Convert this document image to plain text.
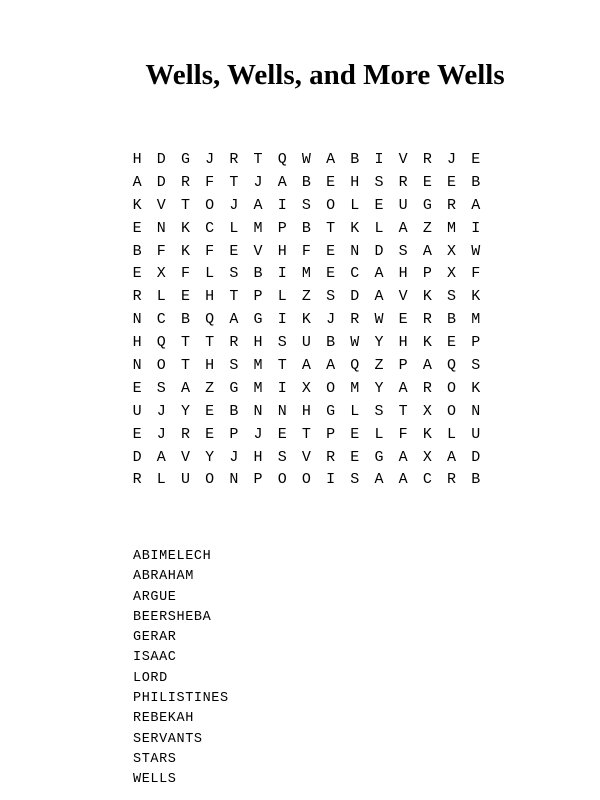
Wells, Wells, and More Wells
H	D	G	J	R	T	Q	W	A	B	I	V	R	J	E
A	D	R	F	T	J	A	B	E	H	S	R	E	E	B
K	V	T	O	J	A	I	S	O	L	E	U	G	R	A
E	N	K	C	L	M	P	B	T	K	L	A	Z	M	I
B	F	K	F	E	V	H	F	E	N	D	S	A	X	W
E	X	F	L	S	B	I	M	E	C	A	H	P	X	F
R	L	E	H	T	P	L	Z	S	D	A	V	K	S	K
N	C	B	Q	A	G	I	K	J	R	W	E	R	B	M
H	Q	T	T	R	H	S	U	B	W	Y	H	K	E	P
N	O	T	H	S	M	T	A	A	Q	Z	P	A	Q	S
E	S	A	Z	G	M	I	X	O	M	Y	A	R	O	K
U	J	Y	E	B	N	N	H	G	L	S	T	X	O	N
E	J	R	E	P	J	E	T	P	E	L	F	K	L	U
D	A	V	Y	J	H	S	V	R	E	G	A	X	A	D
R	L	U	O	N	P	O	O	I	S	A	A	C	R	B
ABIMELECH
ABRAHAM
ARGUE
BEERSHEBA
GERAR
ISAAC
LORD
PHILISTINES
REBEKAH
SERVANTS
STARS
WELLS
